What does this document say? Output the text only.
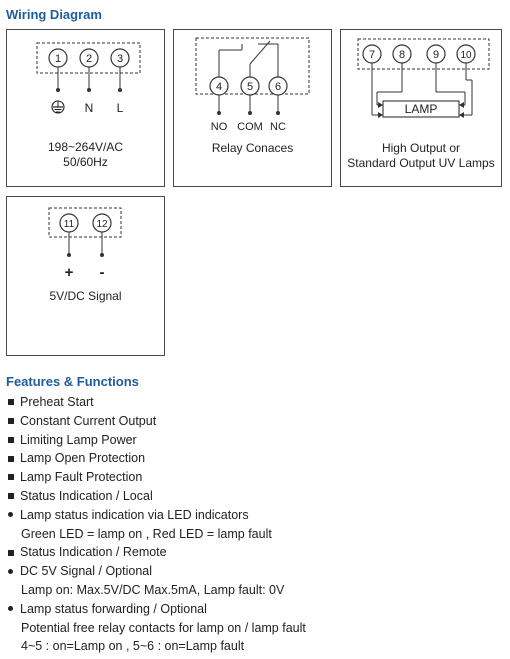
Wiring Diagram
1 2 3
N L
198~264V/AC
50/60Hz
4 5 6
NO COM NC
Relay Conaces
7 8	9 10
LAMP
High Output or
Standard Output UV Lamps
11 12
+ -
5V/DC Signal
Features & Functions
Preheat Start
Constant Current Output
Limiting Lamp Power
Lamp Open Protection
Lamp Fault Protection
Status Indication / Local
Lamp status indication via LED indicators
Green LED = lamp on , Red LED = lamp fault
Status Indication / Remote
DC 5V Signal / Optional
Lamp on: Max.5V/DC Max.5mA, Lamp fault: 0V
Lamp status forwarding / Optional
Potential free relay contacts for lamp on / lamp fault
4~5 : on=Lamp on , 5~6 : on=Lamp fault
